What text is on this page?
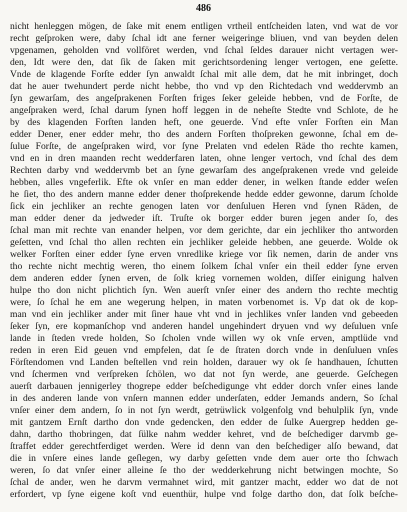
486
nicht henleggen mögen, de ſake mit enem entligen vrtheil entſcheiden laten, vnd wat de vor
recht geſproken were, daby ſchal idt ane ferner weigeringe bliuen, vnd van beyden delen
vpgenamen, geholden vnd vollföret werden, vnd ſchal ſeldes darauer nicht vertagen wer-
den, Idt were den, dat ſik de ſaken mit gerichtsordening lenger vertogen, ene geſette.
Vnde de klagende Forſte edder ſyn anwaldt ſchal mit alle dem, dat he mit inbringet, doch
dat he auer twehundert perde nicht hebbe, tho vnd vp den Richtedach vnd weddervmb an
ſyn gewarſam, des angeſprakenen Forſten friges ſeker geleide hebben, vnd de Forſte, de
angeſpraken werd, ſchal darum ſynen hoff leggen in de neheſte Stedte vnd Schlote, de he
by des klagenden Forſten landen heft, one geuerde. Vnd efte vnſer Forſten ein Man
edder Dener, ener edder mehr, tho des andern Forſten thoſpreken gewonne, ſchal em de-
ſulue Forſte, de angeſpraken wird, vor ſyne Prelaten vnd edelen Räde tho rechte kamen,
vnd en in dren maanden recht wedderfaren laten, ohne lenger vertoch, vnd ſchal des dem
Rechten darby vnd weddervmb bet an ſyne gewarſam des angeſprakenen vrede vnd geleide
hebben, alles vngeferlik. Efte ok vnſer en man edder dener, in welken ſtande edder weſen
he ſiet, tho des andern manne edder dener thoſprekende hedde edder gewonne, darum ſcholde
ſick ein jechliker an rechte genogen laten vor denſuluen Heren vnd ſynen Räden, de
man edder dener da jedweder iſt. Truſte ok borger edder buren jegen ander ſo, des
ſchal man mit rechte van enander helpen, vor dem gerichte, dar ein jechliker tho antworden
geſetten, vnd ſchal tho allen rechten ein jechliker geleide hebben, ane geuerde. Wolde ok
welker Forſten einer edder ſyne erven vnredlike kriege vor ſik nemen, darin de ander vns
tho rechte nicht mechtig weren, tho einem ſolkem ſchal vnſer ein theil edder ſyne erven
dem anderen edder ſynen erven, de ſolk krieg vornemen wolden, diſſer einigung halven
hulpe tho don nicht plichtich ſyn. Wen auerſt vnſer einer des andern tho rechte mechtig
were, ſo ſchal he em ane wegerung helpen, in maten vorbenomet is. Vp dat ok de kop-
man vnd ein jechliker ander mit ſiner haue vht vnd in jechlikes vnſer landen vnd gebeeden
ſeker ſyn, ere kopmanſchop vnd anderen handel ungehindert dryuen vnd wy deſuluen vnſe
lande in ſteden vrede holden, So ſcholen vnde willen wy ok vnſe erven, amptlüde vnd
reden in eren Eid geuen vnd empfelen, dat ſe de ſtraten dorch vnde in denſuluen vnſes
Förſtendomen vnd Landen beſtellen vnd rein holden, darauer wy ok ſe handhauen, ſchutten
vnd ſchermen vnd verſpreken ſchölen, wo dat not ſyn werde, ane geuerde. Geſchegen
auerſt darbauen jennigerley thogrepe edder beſchedigunge vht edder dorch vnſer eines lande
in des anderen lande von vnſern mannen edder underſaten, edder Jemands andern, So ſchal
vnſer einer dem andern, ſo in not ſyn werdt, getrüwlick volgenfolg vnd behulplik ſyn, vnde
mit gantzem Ernſt dartho don vnde gedencken, den edder de ſulke Auergrep hedden ge-
dahn, dartho thobringen, dat ſülke nahm wedder kehret, vnd de beſchediger darvmb ge-
ſtraffet edder gerechtferdiget werden. Were id denn van den beſchediger alſo bewand, dat
die in vnſere eines lande geſlegen, wy darby geſetten vnde dem auer orte tho ſchwach
weren, ſo dat vnſer einer alleine ſe tho der wedderkehrung nicht betwingen mochte, So
ſchal de ander, wen he darvm vermahnet wird, mit gantzer macht, edder wo dat de not
erfordert, vp ſyne eigene koſt vnd euenthür, hulpe vnd folge dartho don, dat ſolk beſche-
